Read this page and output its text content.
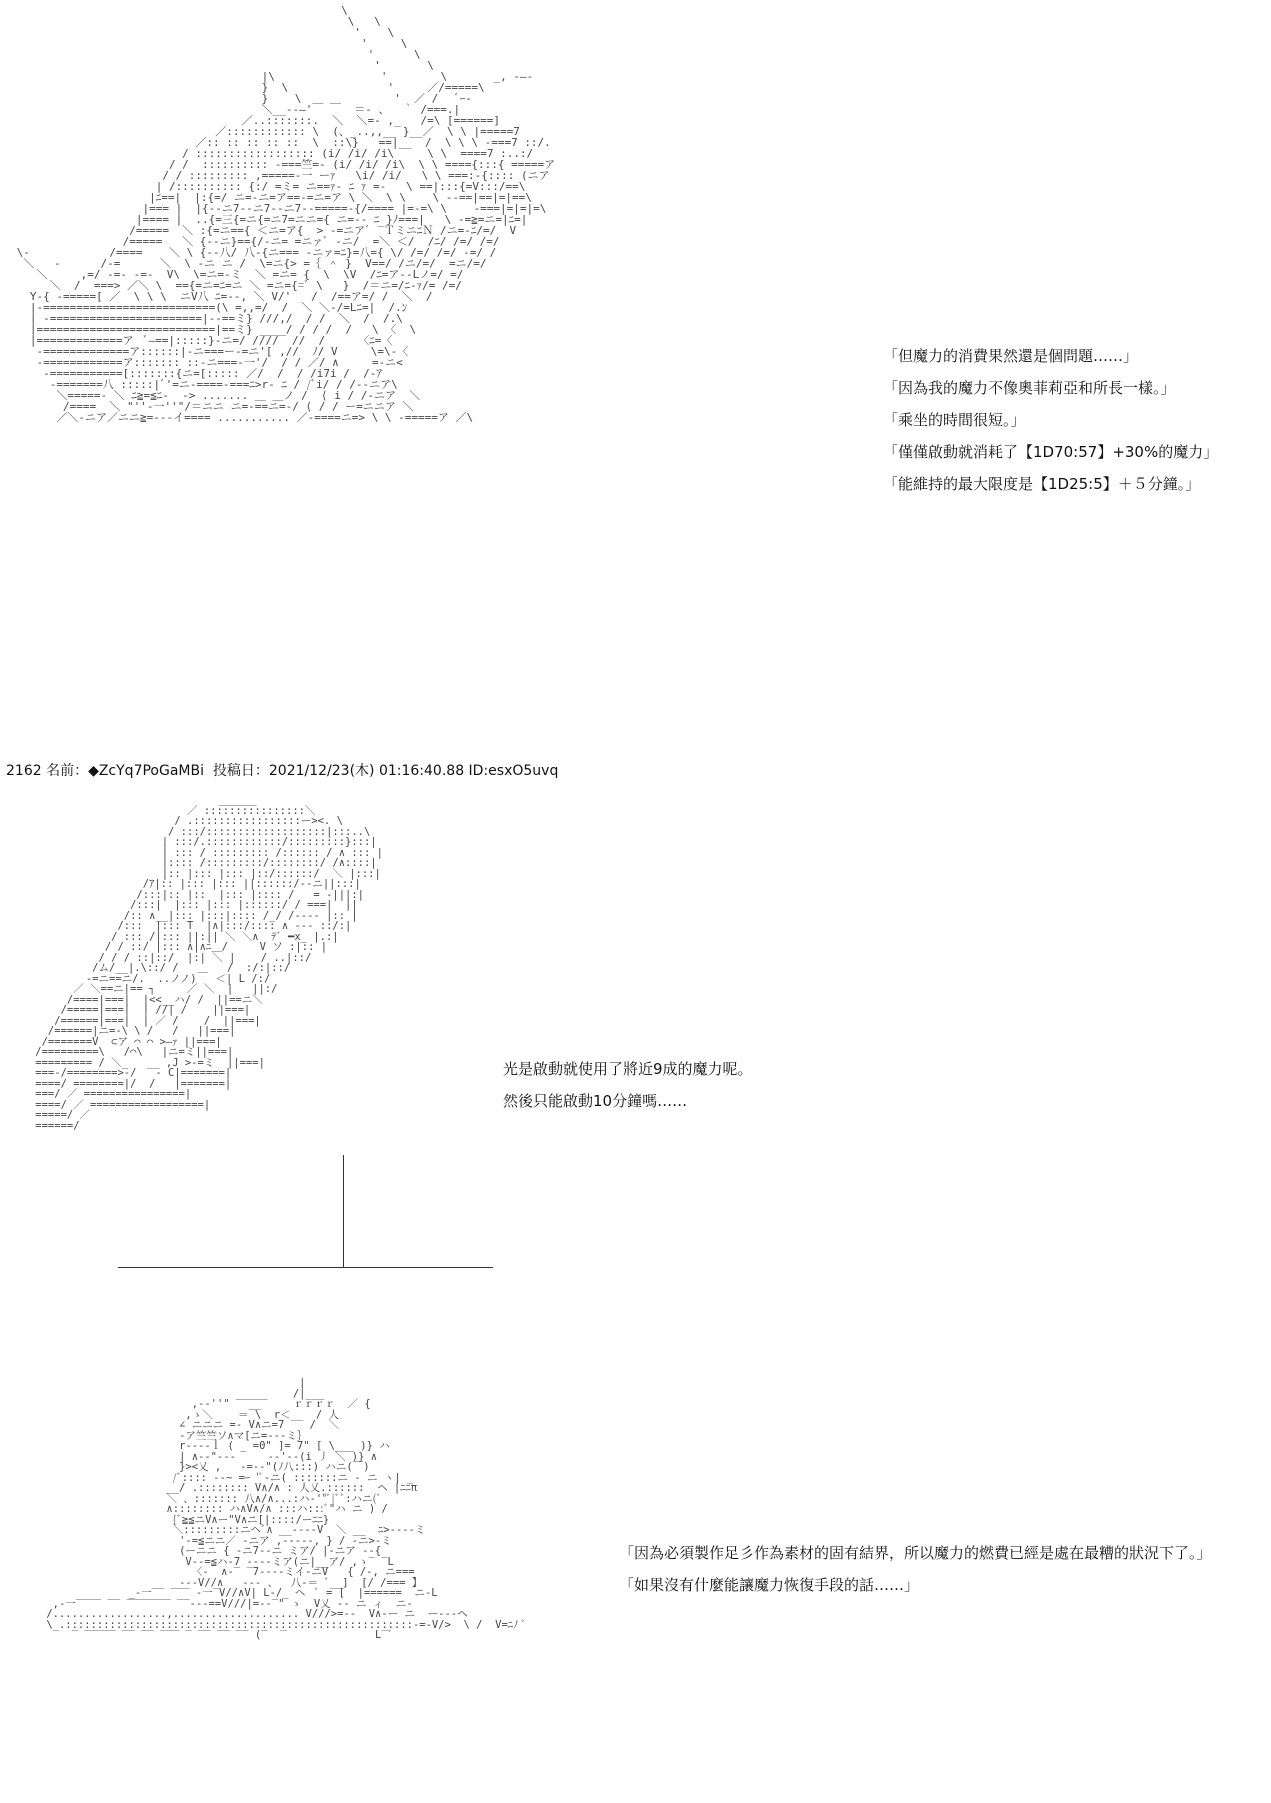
\
\   \
'    \
'     \
'      \
'       \
|\                '        \       _, -―-
}  \               '     ／/=====\
}    \              '  ／ /   ﾞｰ-
＼__--―'￣ ￣  ＝- 、  ｀ /===.|
／..:::::::.  ＼  ＼=- ,_   /=\ [======]
／:::::::::::: \  (、_..,,__ }__／  \ \ |=====7
／:: :: :: :: ::  \  ::\}   ==|__  /  \ \ \ -===7 ::/.
/ :::::::::::::::::: (i/ /i/ /i\     \ \  ====7 :..:/
/ /  :::::::::: -===竺=- (i/ /i/ /i\  \ \ ===={:::{ =====ア
/ / ::::::::: ,=====-一 ーｧ   \i/ /i/   \ \ ===:-{:::: (ニア
| /:::::::::: {:/ =ミ= ニ==ｧ- ﾆ ｧ =-   \ ==|:::{=V:::/==\
|ﾆ==|  |:{=/ ニ=-ニ=ア==-=ニ=ア \ ＼  \ \    \ --==|==|=|==\
|=== |  |{--ニ7--ニ7--ニ7--=====-{/==== |=-=\ \    -===|=|=|=\
|==== |  ..{=三{=ニ{=ニ7=ニニ={ ニ=-- ﾆ }ﾉ===|   \ -=≧=ニ=|ﾆ=|
/=====  ＼ :{=ニ=={ ＜ニ=ア{  > -=ニアﾞ ‾ＴミニﾆＮ /ニ=-ﾆ/=/  V
/=====   ＼ {--ニ}=={/-ニ= =ニァﾞ -ニ/  =＼ ＜/  /ﾆ/ /=/ /=/
\-            /====    ＼ \ {--八/ 八-{ニ=== -ニァ=ﾆ}=八={ \/ /=/ /=/ -=/ /
＼   -      /-=      ＼  \ -ニ ニ /  \=ニ{> =｛ ＾ }  V==/ /ニ/=/  =ニ/=/
＼     ,=/ -=- -=-  V\  \=ニ=-ミ  ＼ =ニ= {  \  \V  /ﾆ=ア--Lノ=/ =/
＼  /  ===> ／＼ \  =={=ニ=ﾆ=ニ ＼ =ニ={=ﾞ \   }  /＝ニ=/ﾆ-ｧ/= /=/
Y-{ -=====[ ／  \ \ \  ニV八 ﾆ=--, ＼ V/'   /  /==ア=/ /  ＼  /
|-==========================(\ =,,=/  /  ＼ ＼-/=Lﾆ=|  /.ﾝ
| -=======================|--==ミ} ///,/  / /  ＼  /  /.\
|===========================|==ミ} ____/ / / /  /   \ 〈  \
|=============ア  ﾞ―==|:::::}-ニ=/ ////  //  /     〈ﾆ=〈
-=============ア::::::|-ニ===ー-=ニ'[ ,//  ﾉ/ V     \=\-〈
-============ア::::::: ::-ニ===-一'/  / / ／/ ∧     =-ニ<
-===========[:::::::{ニ=[::::: ／/  /  / /i7i /  /-ｱ
-=======八 :::::|ﾞ'=ニ-====-===ﾆ>r‐ ﾆ / /ﾞi/ / /--ニア\
＼=====- ＼ ﾆ≧=≦ﾆ-  -> ....... ＿ ＿ノ /  ⟨ i / /-ニア  ＼
/====  ＼ "''-一''"/＝ニニ ニ=-==ニ=-/ ⟨ / / ー=ニニア ＼
／＼-ニア／ニニ≧=---イ==== ........... ／-====ニ=> \ \ -=====ア ／\

「但魔力的消費果然還是個問題……」
「因為我的魔力不像奧菲莉亞和所長一樣。」
「乘坐的時間很短。」
「僅僅啟動就消耗了【1D70:57】+30%的魔力」
「能維持的最大限度是【1D25:5】＋５分鐘。」
2162 名前：◆ZcYq7PoGaMBi ￼ 投稿日：2021/12/23(木) 01:16:40.88 ID:esxO5uvq
______
／ ::::::::::::::::＼
/ .:::::::::::::::::ー><. \
/ :::/:::::::::::::::::::|:::..\
| :::/.::::::::::::/:::::::::}:::|
| ::: / ::::::::: /:::::: / ∧ ::: |
|:::: /:::::::::/::::::::/ /∧::::|
|:: |::: |::: |::/::::::/  ＼ |:::|
/ｱ|:: |::: |::: ||::::::/--ニ||:::|
/:::|:: |::  |::: |:::: /   = -|||:|
/:::|  |::: |::: |::::::/ / ===|  ||
/:: ∧__|::: |:::|:::: /_/ /---- |:: |
/:::  |::: T  |∧|:::/:::: ∧ --- ::/:|
/ ::: /|::: ||:|| ＼ ＼∧  ﾃﾞ ━x_ |.:|
/ / ::/ |::: ∧|∧ﾆ＿/     V ソ :|:: |
/ / / ::|::/  |:| ＼ |    / ..|::/
/ム/__|.\::/ /   ＿   /  :/:|::/
-=ニ==ニ/.  ..ノノ)   ＜| L /:/
／ ＼==ニ|== ┐     ／ ＼  |   ||:/
/====|===|  |<<__ハ/ /  ||==ニ＼
/=====|===|  | //| /    ||===|
/======|===|  | ／ /    /  ||===|
/======|ニ=-\ \ /   /   ||===|
/=======V  ⊂ア ⌒ ⌒ >―ｧ ||===|
/=========\   /⌒\   |ニ=ミ||===|
========= / ＼_   __ ,J >-=ミ  ||===|
===-/========>‐/   ‐ C|=======|
====/ ========|/  /   |=======|
===/ ／ ================|
====/ ／ ==================|
=====/ ／
======/

光是啟動就使用了將近9成的魔力呢。
然後只能啟動10分鐘嗎……
|
_____    /|___
,-‐''"   __     ｒｒｒｒ  ／ {
,ゝ＼    ＝ \  r＜__  / 人
∠ ニニニ =- V∧ニ=7    /  ＼
-ア竺竺ソ∧マ[ニ=---ミ｝
r----ｌ ( _ =0" ]= 7" [ \___ )} ハ
| ∧--"---     --'--(i 丿 ＼ )} ∧
}><乂 ,   -=-‐"(ﾉ八:::) ハニ(￣)
/ﾞ:::: ‐-~ =ｰ 'ﾞ-ニ( :::::::ニ ‐ ニ ヽ| _
__/ .:::::::: V∧/∧ : 人乂.::::::  ヘ |ﾆﾆπ
＼ 、::::::: 八∧/∧...:ハ-'"ﾞ|ﾞﾞ:ハニ(ﾞ
∧:::::::: ハ∧V∧/∧ :::ハ:::ﾞ"ハ ニ ) /
{ﾞ≧≦ニV∧ー"V∧ニ[|::::/ーﾆﾆ}
＼:::::::::ニヘﾞ∧ __----V  ＼ __  ﾆ>----ミ
'-=≦ニニ／ -ニア ,-----, } / -ニ>-ミ
(ーニニ { -ニ7--ニ ミア/ |-ニア --{
V--=≦ハ-7 ----ミア(ニ|__ア/ ,ゝ‾ ‾L
〈-  ∧-‾ ‾7----ミイ-ニV   { /-, ニ===
---V//∧   --- 、  八-＝ ﾞ__]  [/ /=== 】
_-一‾‾ ‾‾‾ -一‾V//∧V| L-/_ ヘ  ﾞ = [  |======  ニ-L
,-一‾‾‾‾ ‾‾ ‾‾‾‾‾‾‾ ‾‾---==V///|=--‾" ゝ  V乂 -- ニ ィ  ニ-
/..................,.................... V///>=--  V∧-ー ニ  ー---ヘ
\_.:::::::::::::::::::::::::::::::::::::::::::::::::::::::-=-V/>  \ /  V=ﾆﾉ ﾞ
‾ ‾‾‾‾‾ ‾‾ ‾‾ ‾‾‾ ‾ ‾‾ ‾‾ ‾‾ (‾  ‾              L‾ﾞ

「因為必須製作足彡作為素材的固有結界，所以魔力的燃費已經是處在最糟的狀況下了。」
「如果沒有什麼能讓魔力恢復手段的話……」
